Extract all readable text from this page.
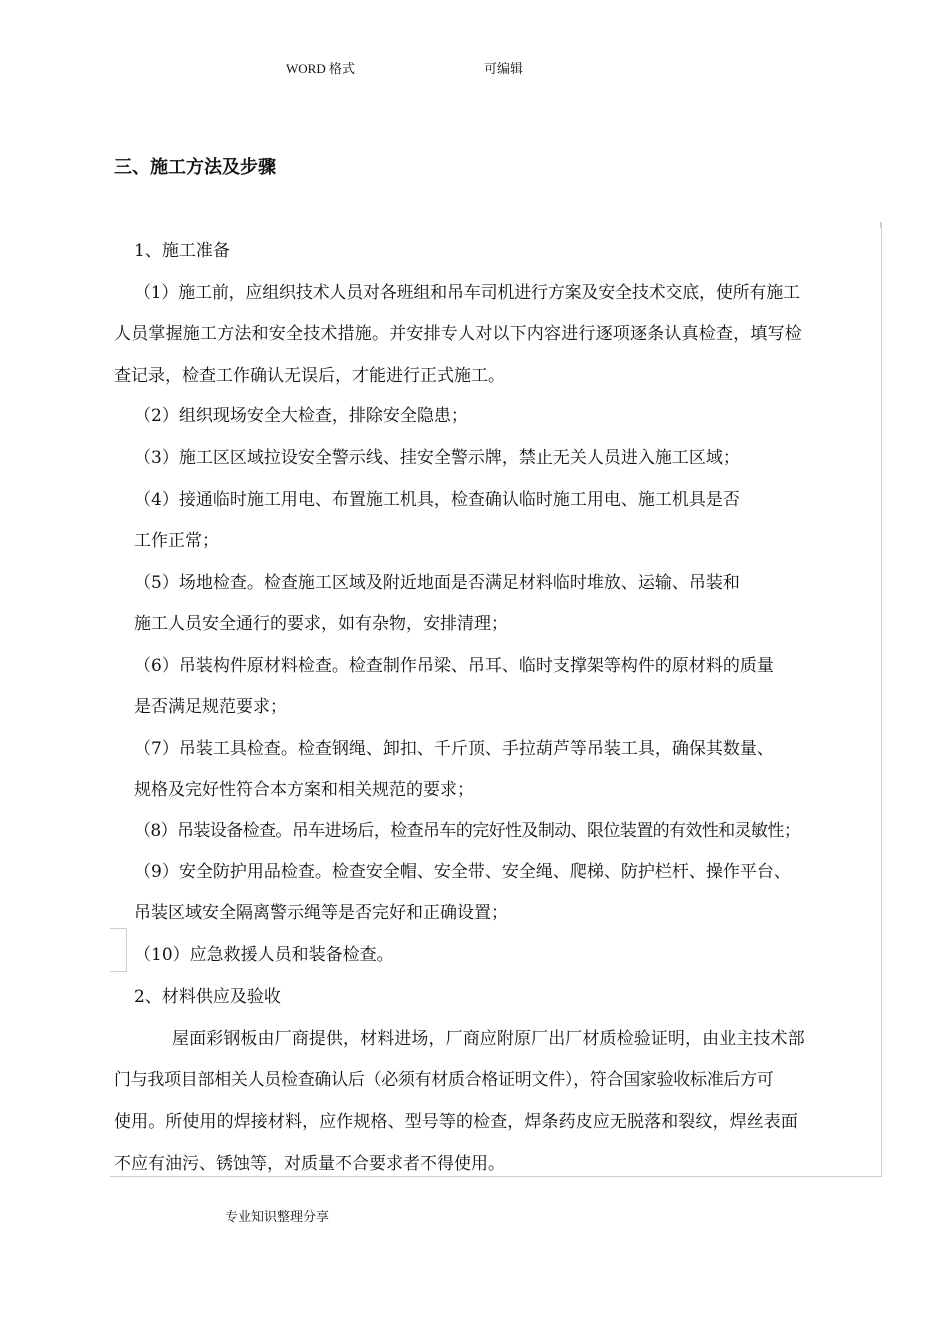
WORD 格式	可编辑
三、施工方法及步骤
1、施工准备
（1）施工前，应组织技术人员对各班组和吊车司机进行方案及安全技术交底，使所有施工
人员掌握施工方法和安全技术措施。并安排专人对以下内容进行逐项逐条认真检查，填写检
查记录，检查工作确认无误后，才能进行正式施工。
（2）组织现场安全大检查，排除安全隐患；
（3）施工区区域拉设安全警示线、挂安全警示牌，禁止无关人员进入施工区域；
（4）接通临时施工用电、布置施工机具，检查确认临时施工用电、施工机具是否
工作正常；
（5）场地检查。检查施工区域及附近地面是否满足材料临时堆放、运输、吊装和
施工人员安全通行的要求，如有杂物，安排清理；
（6）吊装构件原材料检查。检查制作吊梁、吊耳、临时支撑架等构件的原材料的质量
是否满足规范要求；
（7）吊装工具检查。检查钢绳、卸扣、千斤顶、手拉葫芦等吊装工具，确保其数量、
规格及完好性符合本方案和相关规范的要求；
（8）吊装设备检查。吊车进场后，检查吊车的完好性及制动、限位装置的有效性和灵敏性；
（9）安全防护用品检查。检查安全帽、安全带、安全绳、爬梯、防护栏杆、操作平台、
吊装区域安全隔离警示绳等是否完好和正确设置；
（10）应急救援人员和装备检查。
2、材料供应及验收
屋面彩钢板由厂商提供，材料进场，厂商应附原厂出厂材质检验证明，由业主技术部
门与我项目部相关人员检查确认后（必须有材质合格证明文件），符合国家验收标准后方可
使用。所使用的焊接材料，应作规格、型号等的检查，焊条药皮应无脱落和裂纹，焊丝表面
不应有油污、锈蚀等，对质量不合要求者不得使用。
专业知识整理分享
